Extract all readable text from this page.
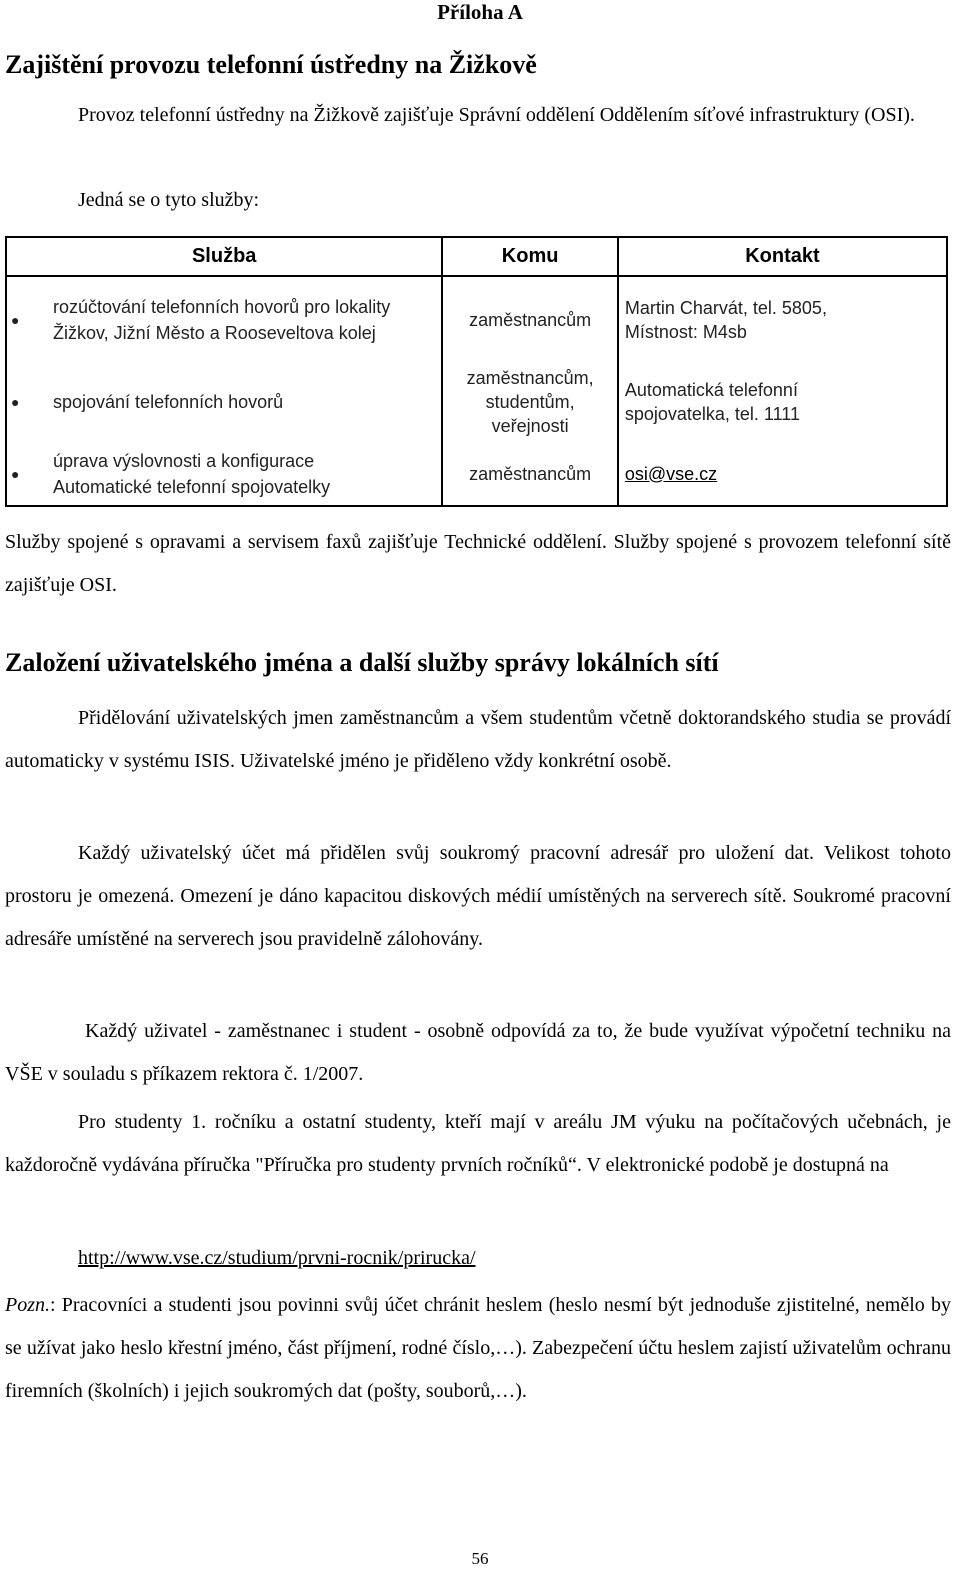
Příloha A
Zajištění provozu telefonní ústředny na Žižkově
Provoz telefonní ústředny na Žižkově zajišťuje Správní oddělení Oddělením síťové infrastruktury (OSI).
Jedná se o tyto služby:
Služba	Komu	Kontakt

●
rozúčtování telefonních hovorů pro lokality Žižkov, Jižní Město a Rooseveltova kolej	zaměstnancům	Martin Charvát, tel. 5805, Místnost: M4sb

● spojování telefonních hovorů	zaměstnancům, studentům, veřejnosti	Automatická telefonní spojovatelka, tel. 1111

●
úprava výslovnosti a konfigurace Automatické telefonní spojovatelky	zaměstnancům	osi@vse.cz
Služby spojené s opravami a servisem faxů zajišťuje Technické oddělení. Služby spojené s provozem telefonní sítě zajišťuje OSI.
Založení uživatelského jména a další služby správy lokálních sítí
Přidělování uživatelských jmen zaměstnancům a všem studentům včetně doktorandského studia se provádí automaticky v systému ISIS. Uživatelské jméno je přiděleno vždy konkrétní osobě.
Každý uživatelský účet má přidělen svůj soukromý pracovní adresář pro uložení dat. Velikost tohoto prostoru je omezená. Omezení je dáno kapacitou diskových médií umístěných na serverech sítě. Soukromé pracovní adresáře umístěné na serverech jsou pravidelně zálohovány.
Každý uživatel - zaměstnanec i student - osobně odpovídá za to, že bude využívat výpočetní techniku na VŠE v souladu s příkazem rektora č. 1/2007.
Pro studenty 1. ročníku a ostatní studenty, kteří mají v areálu JM výuku na počítačových učebnách, je každoročně vydávána příručka "Příručka pro studenty prvních ročníků“. V elektronické podobě je dostupná na
http://www.vse.cz/studium/prvni-rocnik/prirucka/
Pozn.: Pracovníci a studenti jsou povinni svůj účet chránit heslem (heslo nesmí být jednoduše zjistitelné, nemělo by se užívat jako heslo křestní jméno, část příjmení, rodné číslo,…). Zabezpečení účtu heslem zajistí uživatelům ochranu firemních (školních) i jejich soukromých dat (pošty, souborů,…).
56
